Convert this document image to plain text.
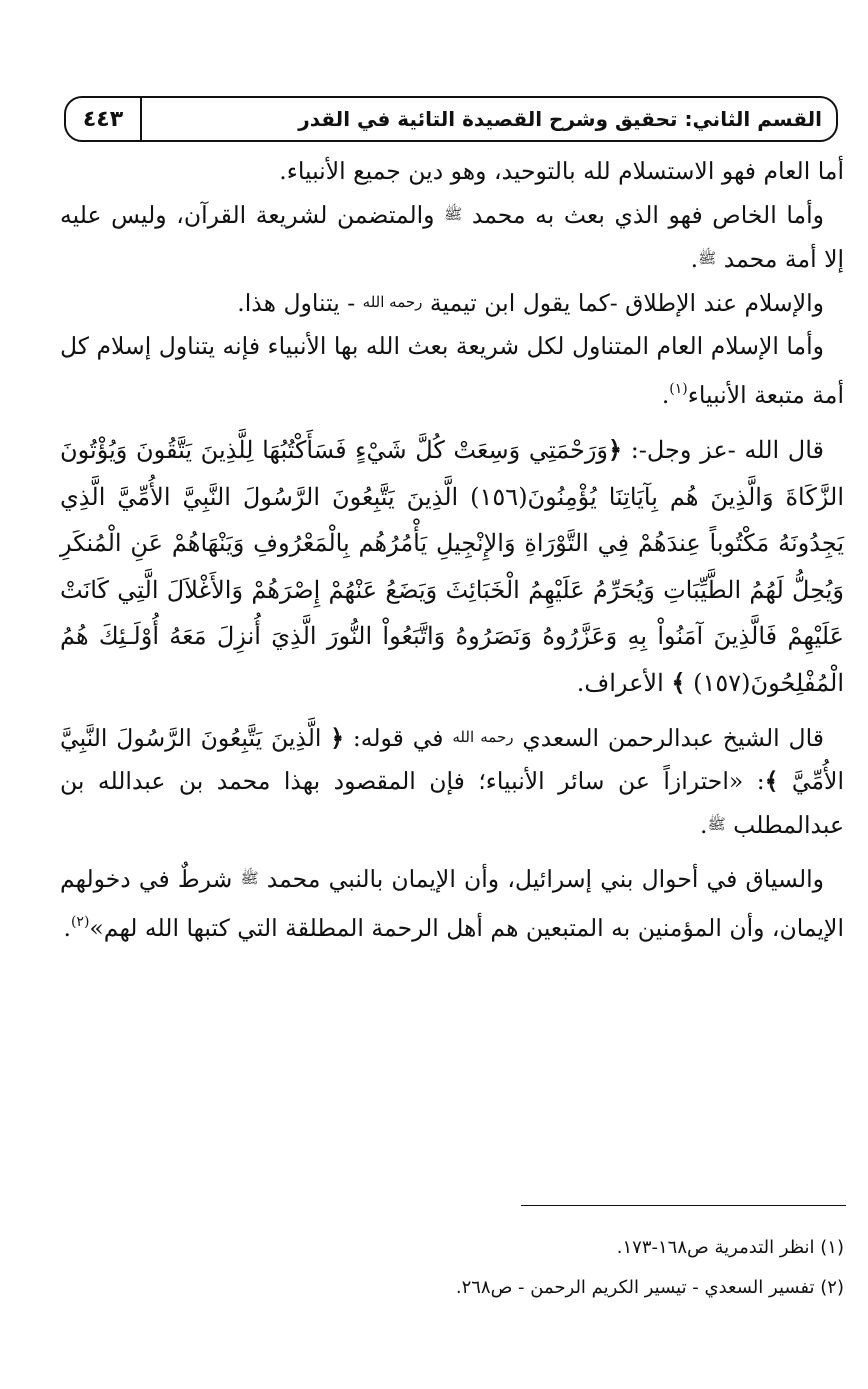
القسم الثاني: تحقيق وشرح القصيدة التائية في القدر
٤٤٣

أما العام فهو الاستسلام لله بالتوحيد، وهو دين جميع الأنبياء.

وأما الخاص فهو الذي بعث به محمد ﷺ والمتضمن لشريعة القرآن، وليس عليه إلا أمة محمد ﷺ.

والإسلام عند الإطلاق -كما يقول ابن تيمية رحمه الله - يتناول هذا.

وأما الإسلام العام المتناول لكل شريعة بعث الله بها الأنبياء فإنه يتناول إسلام كل أمة متبعة الأنبياء$^{(١)}$.

قال الله -عز وجل-: ﴿وَرَحْمَتِي وَسِعَتْ كُلَّ شَيْءٍ فَسَأَكْتُبُهَا لِلَّذِينَ يَتَّقُونَ وَيُؤْتُونَ الزَّكَاةَ وَالَّذِينَ هُم بِآيَاتِنَا يُؤْمِنُونَ(١٥٦) الَّذِينَ يَتَّبِعُونَ الرَّسُولَ النَّبِيَّ الأُمِّيَّ الَّذِي يَجِدُونَهُ مَكْتُوباً عِندَهُمْ فِي التَّوْرَاةِ وَالإِنْجِيلِ يَأْمُرُهُم بِالْمَعْرُوفِ وَيَنْهَاهُمْ عَنِ الْمُنكَرِ وَيُحِلُّ لَهُمُ الطَّيِّبَاتِ وَيُحَرِّمُ عَلَيْهِمُ الْخَبَائِثَ وَيَضَعُ عَنْهُمْ إِصْرَهُمْ وَالأَغْلاَلَ الَّتِي كَانَتْ عَلَيْهِمْ فَالَّذِينَ آمَنُواْ بِهِ وَعَزَّرُوهُ وَنَصَرُوهُ وَاتَّبَعُواْ النُّورَ الَّذِيَ أُنزِلَ مَعَهُ أُوْلَـئِكَ هُمُ الْمُفْلِحُونَ(١٥٧) ﴾ الأعراف.

قال الشيخ عبدالرحمن السعدي رحمه الله في قوله: ﴿ الَّذِينَ يَتَّبِعُونَ الرَّسُولَ النَّبِيَّ الأُمِّيَّ ﴾: «احترازاً عن سائر الأنبياء؛ فإن المقصود بهذا محمد بن عبدالله بن عبدالمطلب ﷺ.

والسياق في أحوال بني إسرائيل، وأن الإيمان بالنبي محمد ﷺ شرطٌ في دخولهم الإيمان، وأن المؤمنين به المتبعين هم أهل الرحمة المطلقة التي كتبها الله لهم»$^{(٢)}$.

(١) انظر التدمرية ص١٦٨-١٧٣.
(٢) تفسير السعدي - تيسير الكريم الرحمن - ص٢٦٨.
